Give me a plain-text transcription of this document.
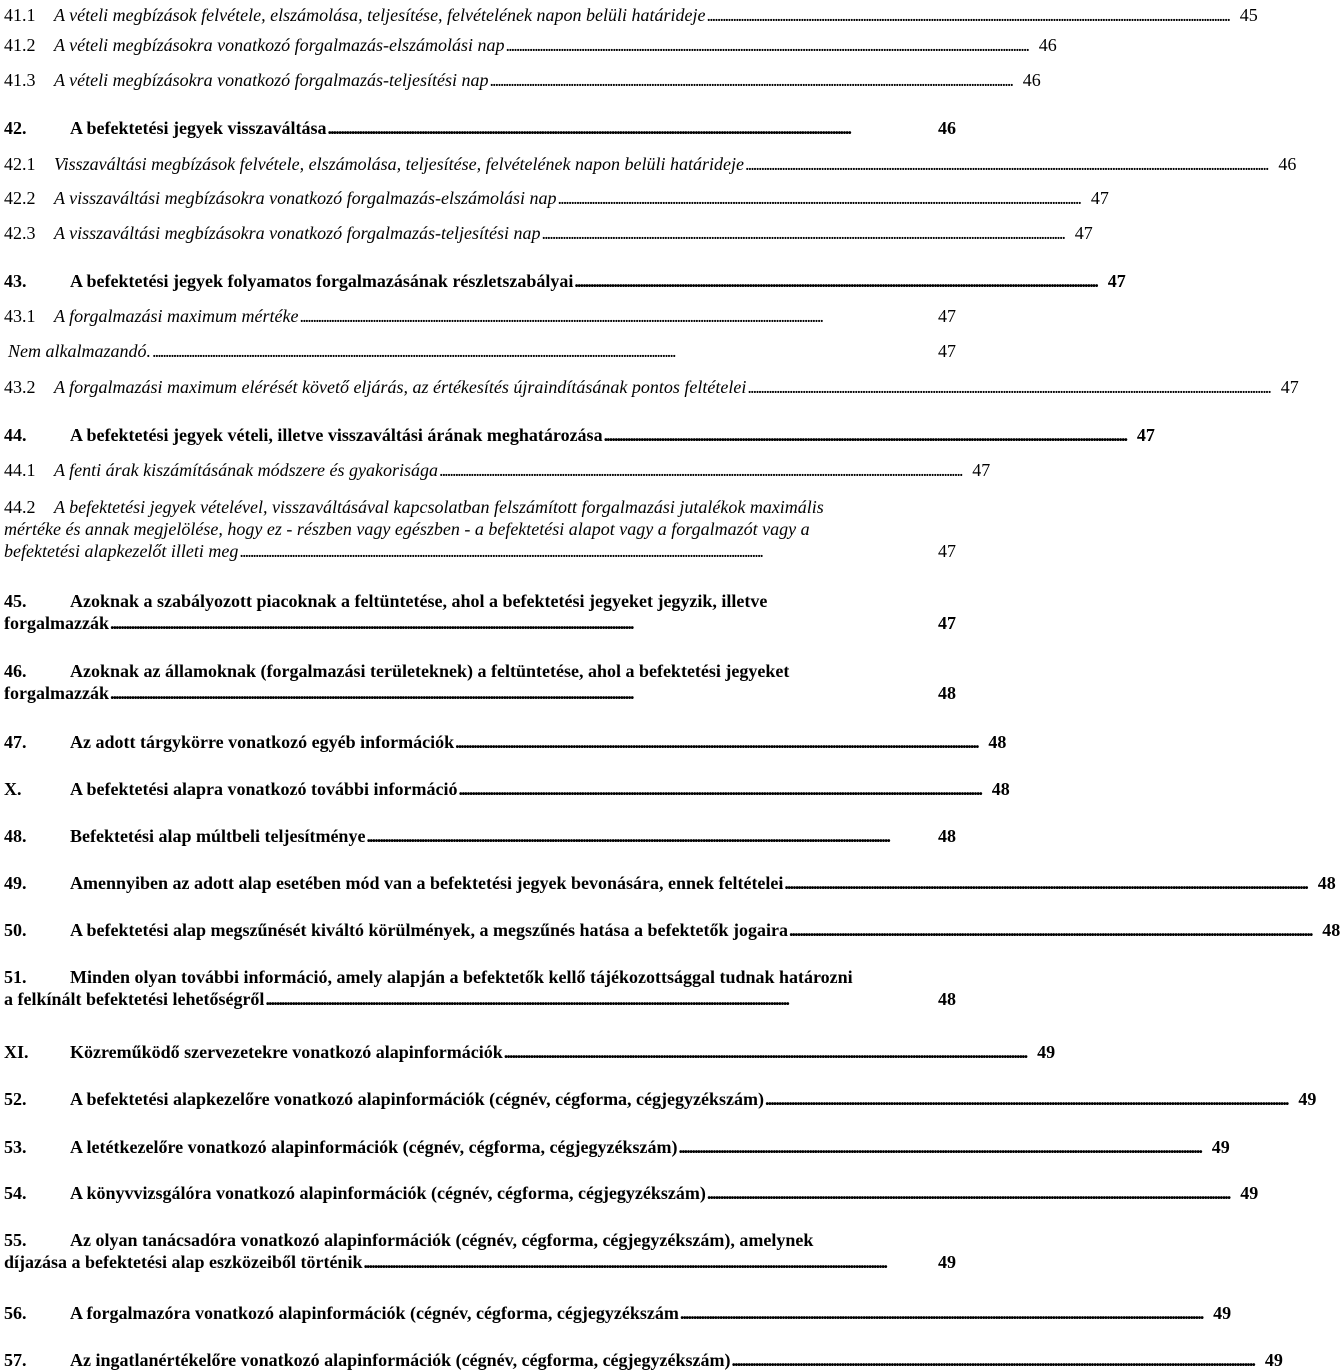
41.1	A vételi megbízások felvétele, elszámolása, teljesítése, felvételének napon belüli határideje . . .	45
41.2	A vételi megbízásokra vonatkozó forgalmazás-elszámolási nap . . .	46
41.3	A vételi megbízásokra vonatkozó forgalmazás-teljesítési nap . . .	46
42.	A befektetési jegyek visszaváltása . . .	46
42.1	Visszaváltási megbízások felvétele, elszámolása, teljesítése, felvételének napon belüli határideje . . .	46
42.2	A visszaváltási megbízásokra vonatkozó forgalmazás-elszámolási nap . . .	47
42.3	A visszaváltási megbízásokra vonatkozó forgalmazás-teljesítési nap . . .	47
43.	A befektetési jegyek folyamatos forgalmazásának részletszabályai . . .	47
43.1	A forgalmazási maximum mértéke . . .	47
Nem alkalmazandó. . . .	47
43.2	A forgalmazási maximum elérését követő eljárás, az értékesítés újraindításának pontos feltételei . . .	47
44.	A befektetési jegyek vételi, illetve visszaváltási árának meghatározása . . .	47
44.1	A fenti árak kiszámításának módszere és gyakorisága . . .	47
44.2	A befektetési jegyek vételével, visszaváltásával kapcsolatban felszámított forgalmazási jutalékok maximális
mértéke és annak megjelölése, hogy ez - részben vagy egészben - a befektetési alapot vagy a forgalmazót vagy a
befektetési alapkezelőt illeti meg . . .	47
45.	Azoknak a szabályozott piacoknak a feltüntetése, ahol a befektetési jegyeket jegyzik, illetve
forgalmazzák . . .	47
46.	Azoknak az államoknak (forgalmazási területeknek) a feltüntetése, ahol a befektetési jegyeket
forgalmazzák . . .	48
47.	Az adott tárgykörre vonatkozó egyéb információk . . .	48
X.	A befektetési alapra vonatkozó további információ . . .	48
48.	Befektetési alap múltbeli teljesítménye . . .	48
49.	Amennyiben az adott alap esetében mód van a befektetési jegyek bevonására, ennek feltételei . . .	48
50.	A befektetési alap megszűnését kiváltó körülmények, a megszűnés hatása a befektetők jogaira . . .	48
51.	Minden olyan további információ, amely alapján a befektetők kellő tájékozottsággal tudnak határozni
a felkínált befektetési lehetőségről . . .	48
XI.	Közreműködő szervezetekre vonatkozó alapinformációk . . .	49
52.	A befektetési alapkezelőre vonatkozó alapinformációk (cégnév, cégforma, cégjegyzékszám) . . .	49
53.	A letétkezelőre vonatkozó alapinformációk (cégnév, cégforma, cégjegyzékszám) . . .	49
54.	A könyvvizsgálóra vonatkozó alapinformációk (cégnév, cégforma, cégjegyzékszám) . . .	49
55.	Az olyan tanácsadóra vonatkozó alapinformációk (cégnév, cégforma, cégjegyzékszám), amelynek
díjazása a befektetési alap eszközeiből történik . . .	49
56.	A forgalmazóra vonatkozó alapinformációk (cégnév, cégforma, cégjegyzékszám . . .	49
57.	Az ingatlanértékelőre vonatkozó alapinformációk (cégnév, cégforma, cégjegyzékszám) . . .	49
